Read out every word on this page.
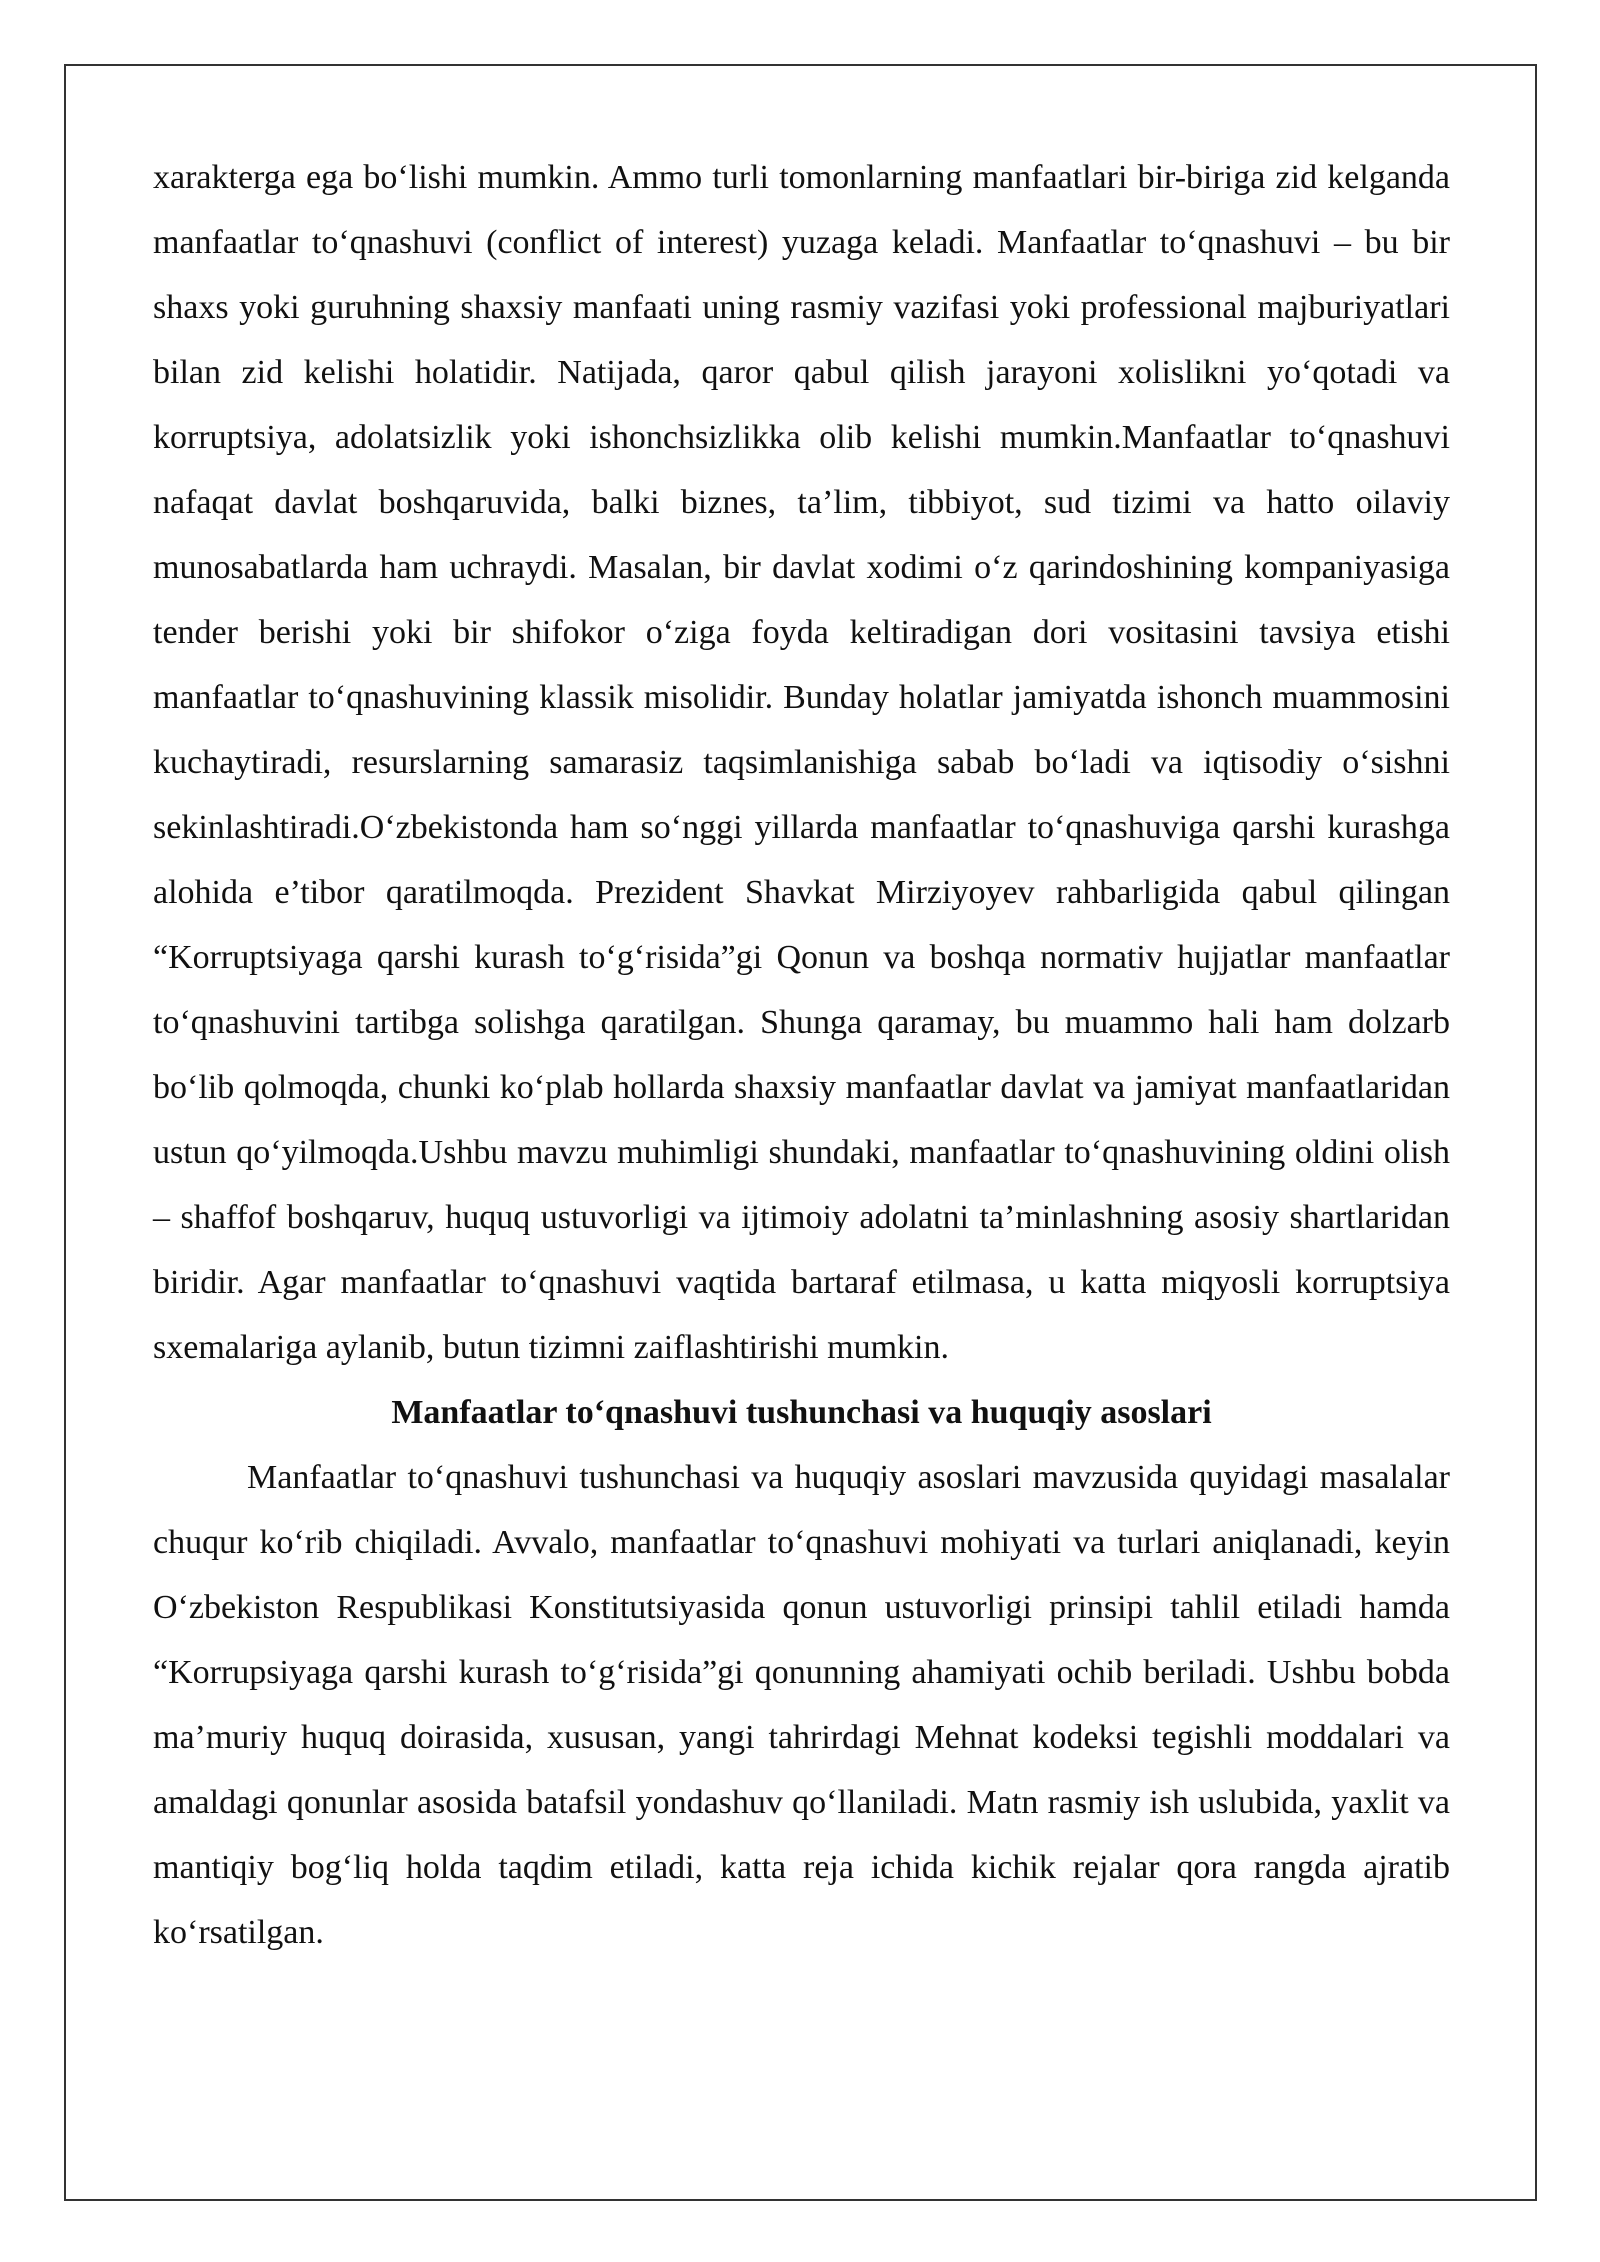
xarakterga ega bo‘lishi mumkin. Ammo turli tomonlarning manfaatlari bir-biriga zid kelganda manfaatlar to‘qnashuvi (conflict of interest) yuzaga keladi. Manfaatlar to‘qnashuvi – bu bir shaxs yoki guruhning shaxsiy manfaati uning rasmiy vazifasi yoki professional majburiyatlari bilan zid kelishi holatidir. Natijada, qaror qabul qilish jarayoni xolislikni yo‘qotadi va korruptsiya, adolatsizlik yoki ishonchsizlikka olib kelishi mumkin.Manfaatlar to‘qnashuvi nafaqat davlat boshqaruvida, balki biznes, ta’lim, tibbiyot, sud tizimi va hatto oilaviy munosabatlarda ham uchraydi. Masalan, bir davlat xodimi o‘z qarindoshining kompaniyasiga tender berishi yoki bir shifokor o‘ziga foyda keltiradigan dori vositasini tavsiya etishi manfaatlar to‘qnashuvining klassik misolidir. Bunday holatlar jamiyatda ishonch muammosini kuchaytiradi, resurslarning samarasiz taqsimlanishiga sabab bo‘ladi va iqtisodiy o‘sishni sekinlashtiradi.O‘zbekistonda ham so‘nggi yillarda manfaatlar to‘qnashuviga qarshi kurashga alohida e’tibor qaratilmoqda. Prezident Shavkat Mirziyoyev rahbarligida qabul qilingan “Korruptsiyaga qarshi kurash to‘g‘risida”gi Qonun va boshqa normativ hujjatlar manfaatlar to‘qnashuvini tartibga solishga qaratilgan. Shunga qaramay, bu muammo hali ham dolzarb bo‘lib qolmoqda, chunki ko‘plab hollarda shaxsiy manfaatlar davlat va jamiyat manfaatlaridan ustun qo‘yilmoqda.Ushbu mavzu muhimligi shundaki, manfaatlar to‘qnashuvining oldini olish – shaffof boshqaruv, huquq ustuvorligi va ijtimoiy adolatni ta’minlashning asosiy shartlaridan biridir. Agar manfaatlar to‘qnashuvi vaqtida bartaraf etilmasa, u katta miqyosli korruptsiya sxemalariga aylanib, butun tizimni zaiflashtirishi mumkin.

Manfaatlar to‘qnashuvi tushunchasi va huquqiy asoslari

Manfaatlar to‘qnashuvi tushunchasi va huquqiy asoslari mavzusida quyidagi masalalar chuqur ko‘rib chiqiladi. Avvalo, manfaatlar to‘qnashuvi mohiyati va turlari aniqlanadi, keyin O‘zbekiston Respublikasi Konstitutsiyasida qonun ustuvorligi prinsipi tahlil etiladi hamda “Korrupsiyaga qarshi kurash to‘g‘risida”gi qonunning ahamiyati ochib beriladi. Ushbu bobda ma’muriy huquq doirasida, xususan, yangi tahrirdagi Mehnat kodeksi tegishli moddalari va amaldagi qonunlar asosida batafsil yondashuv qo‘llaniladi. Matn rasmiy ish uslubida, yaxlit va mantiqiy bog‘liq holda taqdim etiladi, katta reja ichida kichik rejalar qora rangda ajratib ko‘rsatilgan.
